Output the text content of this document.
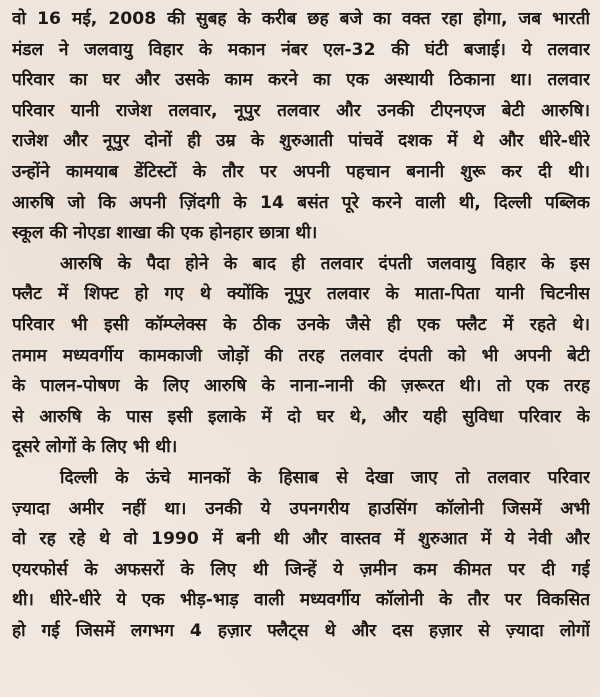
वो 16 मई, 2008 की सुबह के करीब छह बजे का वक्त रहा होगा, जब भारती
मंडल ने जलवायु विहार के मकान नंबर एल-32 की घंटी बजाई। ये तलवार
परिवार का घर और उसके काम करने का एक अस्थायी ठिकाना था। तलवार
परिवार यानी राजेश तलवार, नूपुर तलवार और उनकी टीएनएज बेटी आरुषि।
राजेश और नूपुर दोनों ही उम्र के शुरुआती पांचवें दशक में थे और धीरे-धीरे
उन्होंने कामयाब डेंटिस्टों के तौर पर अपनी पहचान बनानी शुरू कर दी थी।
आरुषि जो कि अपनी ज़िंदगी के 14 बसंत पूरे करने वाली थी, दिल्ली पब्लिक
स्कूल की नोएडा शाखा की एक होनहार छात्रा थी।
आरुषि के पैदा होने के बाद ही तलवार दंपती जलवायु विहार के इस
फ्लैट में शिफ्ट हो गए थे क्योंकि नूपुर तलवार के माता-पिता यानी चिटनीस
परिवार भी इसी कॉम्प्लेक्स के ठीक उनके जैसे ही एक फ्लैट में रहते थे।
तमाम मध्यवर्गीय कामकाजी जोड़ों की तरह तलवार दंपती को भी अपनी बेटी
के पालन-पोषण के लिए आरुषि के नाना-नानी की ज़रूरत थी। तो एक तरह
से आरुषि के पास इसी इलाके में दो घर थे, और यही सुविधा परिवार के
दूसरे लोगों के लिए भी थी।
दिल्ली के ऊंचे मानकों के हिसाब से देखा जाए तो तलवार परिवार
ज़्यादा अमीर नहीं था। उनकी ये उपनगरीय हाउसिंग कॉलोनी जिसमें अभी
वो रह रहे थे वो 1990 में बनी थी और वास्तव में शुरुआत में ये नेवी और
एयरफोर्स के अफसरों के लिए थी जिन्हें ये ज़मीन कम कीमत पर दी गई
थी। धीरे-धीरे ये एक भीड़-भाड़ वाली मध्यवर्गीय कॉलोनी के तौर पर विकसित
हो गई जिसमें लगभग 4 हज़ार फ्लैट्स थे और दस हज़ार से ज़्यादा लोगों
